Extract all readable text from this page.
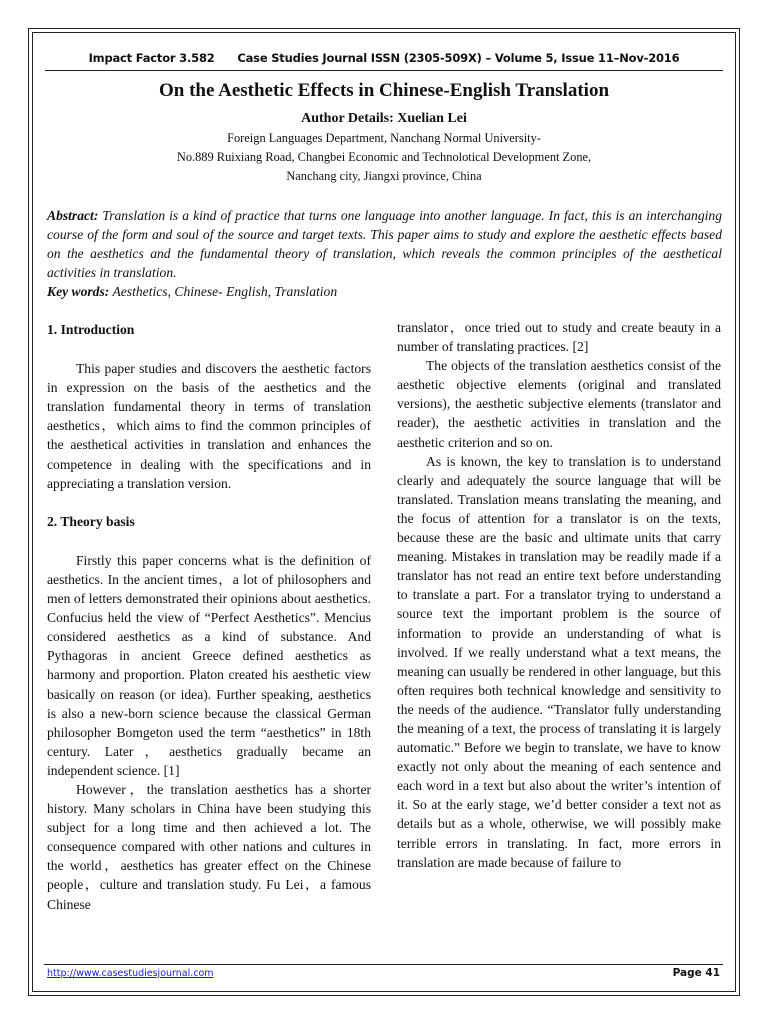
Impact Factor 3.582      Case Studies Journal ISSN (2305-509X) – Volume 5, Issue 11–Nov-2016
On the Aesthetic Effects in Chinese-English Translation
Author Details: Xuelian Lei
Foreign Languages Department, Nanchang Normal University-
No.889 Ruixiang Road, Changbei Economic and Technolotical Development Zone,
Nanchang city, Jiangxi province, China
Abstract: Translation is a kind of practice that turns one language into another language. In fact, this is an interchanging course of the form and soul of the source and target texts. This paper aims to study and explore the aesthetic effects based on the aesthetics and the fundamental theory of translation, which reveals the common principles of the aesthetical activities in translation.
Key words: Aesthetics, Chinese- English, Translation
1. Introduction

This paper studies and discovers the aesthetic factors in expression on the basis of the aesthetics and the translation fundamental theory in terms of translation aesthetics，which aims to find the common principles of the aesthetical activities in translation and enhances the competence in dealing with the specifications and in appreciating a translation version.

2. Theory basis

Firstly this paper concerns what is the definition of aesthetics. In the ancient times，a lot of philosophers and men of letters demonstrated their opinions about aesthetics. Confucius held the view of “Perfect Aesthetics”. Mencius considered aesthetics as a kind of substance. And Pythagoras in ancient Greece defined aesthetics as harmony and proportion. Platon created his aesthetic view basically on reason (or idea). Further speaking, aesthetics is also a new-born science because the classical German philosopher Bomgeton used the term “aesthetics” in 18th century. Later，aesthetics gradually became an independent science. [1]

However，the translation aesthetics has a shorter history. Many scholars in China have been studying this subject for a long time and then achieved a lot. The consequence compared with other nations and cultures in the world，aesthetics has greater effect on the Chinese people，culture and translation study. Fu Lei，a famous Chinese

translator，once tried out to study and create beauty in a number of translating practices. [2]

The objects of the translation aesthetics consist of the aesthetic objective elements (original and translated versions), the aesthetic subjective elements (translator and reader), the aesthetic activities in translation and the aesthetic criterion and so on.

As is known, the key to translation is to understand clearly and adequately the source language that will be translated. Translation means translating the meaning, and the focus of attention for a translator is on the texts, because these are the basic and ultimate units that carry meaning. Mistakes in translation may be readily made if a translator has not read an entire text before understanding to translate a part. For a translator trying to understand a source text the important problem is the source of information to provide an understanding of what is involved. If we really understand what a text means, the meaning can usually be rendered in other language, but this often requires both technical knowledge and sensitivity to the needs of the audience. “Translator fully understanding the meaning of a text, the process of translating it is largely automatic.” Before we begin to translate, we have to know exactly not only about the meaning of each sentence and each word in a text but also about the writer’s intention of it. So at the early stage, we’d better consider a text not as details but as a whole, otherwise, we will possibly make terrible errors in translating. In fact, more errors in translation are made because of failure to

http://www.casestudiesjournal.com	Page 41
